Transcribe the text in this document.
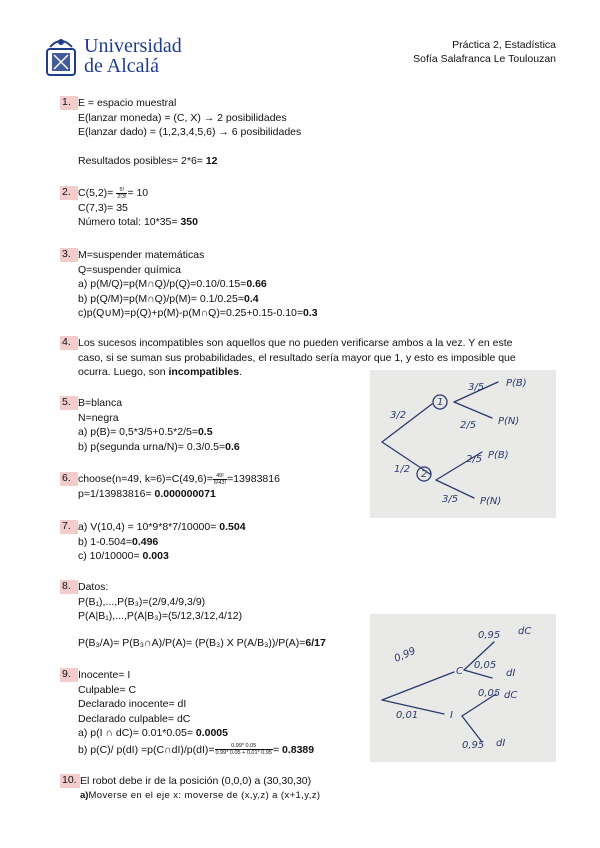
Universidad
de Alcalá
Práctica 2, Estadística
Sofía Salafranca Le Toulouzan
1. E = espacio muestral
E(lanzar moneda) = (C, X) → 2 posibilidades
E(lanzar dado) = (1,2,3,4,5,6) → 6 posibilidades
Resultados posibles= 2*6= 12
2. $C(5,2)= \frac{5!}{2!3!} = 10$
C(7,3)= 35
Número total: 10*35= 350
3. M=suspender matemáticas
Q=suspender química
a) p(M/Q)=p(M∩Q)/p(Q)=0.10/0.15=0.66
b) p(Q/M)=p(M∩Q)/p(M)= 0.1/0.25=0.4
c)p(Q∪M)=p(Q)+p(M)-p(M∩Q)=0.25+0.15-0.10=0.3
4. Los sucesos incompatibles son aquellos que no pueden verificarse ambos a la vez. Y en este
caso, si se suman sus probabilidades, el resultado sería mayor que 1, y esto es imposible que
ocurra. Luego, son incompatibles.
3/2
1/2
1
2
3/5
2/5
2/5
3/5
P(B)
P(N)
P(B)
P(N)
5. B=blanca
N=negra
a) p(B)= 0,5*3/5+0.5*2/5=0.5
b) p(segunda urna/N)= 0.3/0.5=0.6
6. choose(n=49, $k=6)=C(49,6)= \frac{49!}{6!43!} =13983816$
p=1/13983816= 0.000000071
7. a) V(10,4) = 10*9*8*7/10000= 0.504
b) 1-0.504=0.496
c) 10/10000= 0.003
8. Datos:
P(B₁),...,P(B₃)=(2/9,4/9,3/9)
P(A|B₁),...,P(A|B₃)=(5/12,3/12,4/12)
P(B₃/A)= P(B₃∩A)/P(A)= (P(B₃) X P(A/B₃))/P(A)=6/17
0,99
0,01
C
I
0,95
0,05
0,05
0,95
dC
dI
dC
dI
9. Inocente= I
Culpable= C
Declarado inocente= dI
Declarado culpable= dC
a) p(I ∩ dC)= 0.01*0.05= 0.0005
b) p(C)/ p(dI) =p(C∩dI)/p(dI)= $\frac{0.99* 0.05}{0.99* 0.05 + 0.01* 0.95} = 0.8389$
10. El robot debe ir de la posición (0,0,0) a (30,30,30)
a)Moverse en el eje x: moverse de (x,y,z) a (x+1,y,z)
